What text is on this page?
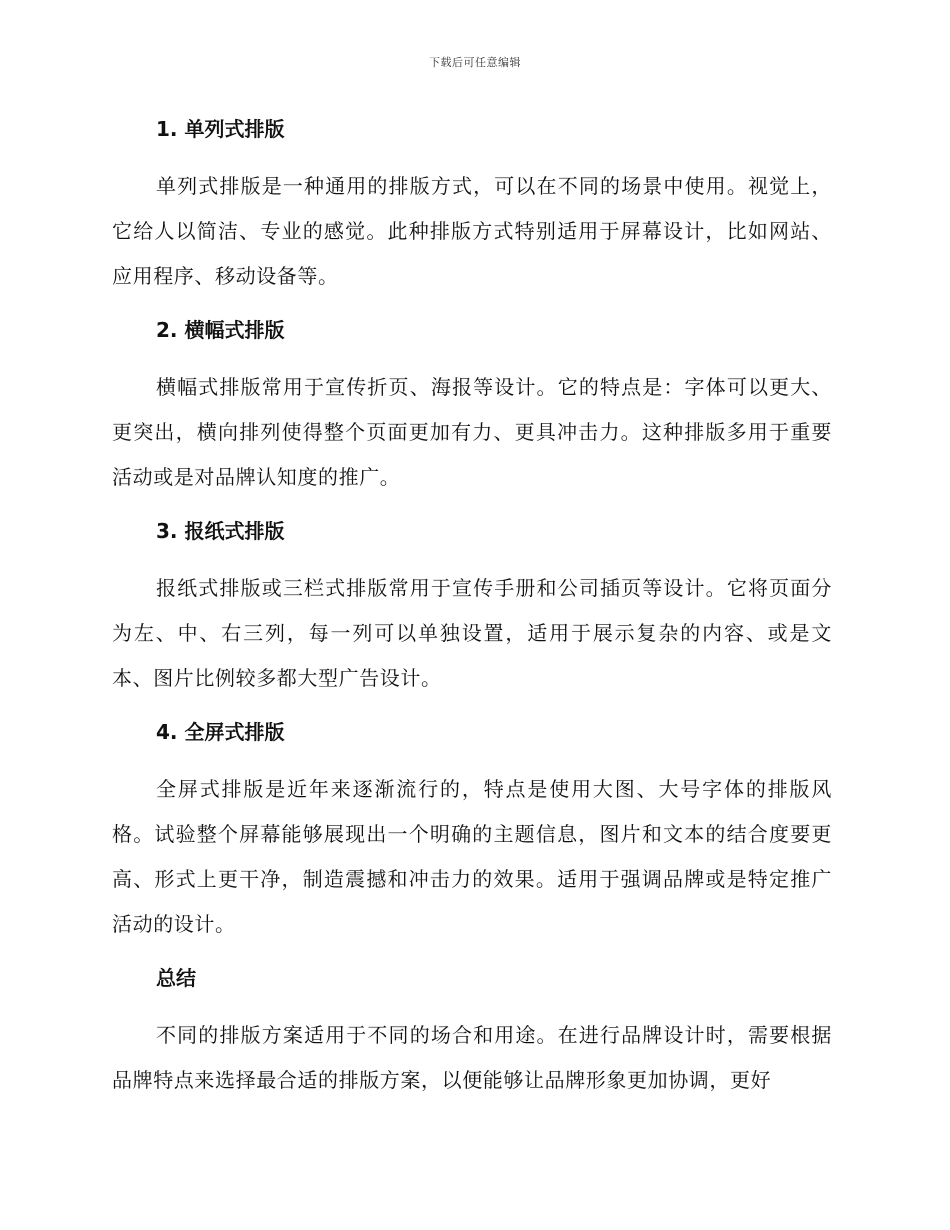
下载后可任意编辑
1. 单列式排版

单列式排版是一种通用的排版方式，可以在不同的场景中使用。视觉上，它给人以简洁、专业的感觉。此种排版方式特别适用于屏幕设计，比如网站、应用程序、移动设备等。

2. 横幅式排版

横幅式排版常用于宣传折页、海报等设计。它的特点是：字体可以更大、更突出，横向排列使得整个页面更加有力、更具冲击力。这种排版多用于重要活动或是对品牌认知度的推广。

3. 报纸式排版

报纸式排版或三栏式排版常用于宣传手册和公司插页等设计。它将页面分为左、中、右三列，每一列可以单独设置，适用于展示复杂的内容、或是文本、图片比例较多都大型广告设计。

4. 全屏式排版

全屏式排版是近年来逐渐流行的，特点是使用大图、大号字体的排版风格。试验整个屏幕能够展现出一个明确的主题信息，图片和文本的结合度要更高、形式上更干净，制造震撼和冲击力的效果。适用于强调品牌或是特定推广活动的设计。

总结

不同的排版方案适用于不同的场合和用途。在进行品牌设计时，需要根据品牌特点来选择最合适的排版方案，以便能够让品牌形象更加协调，更好
